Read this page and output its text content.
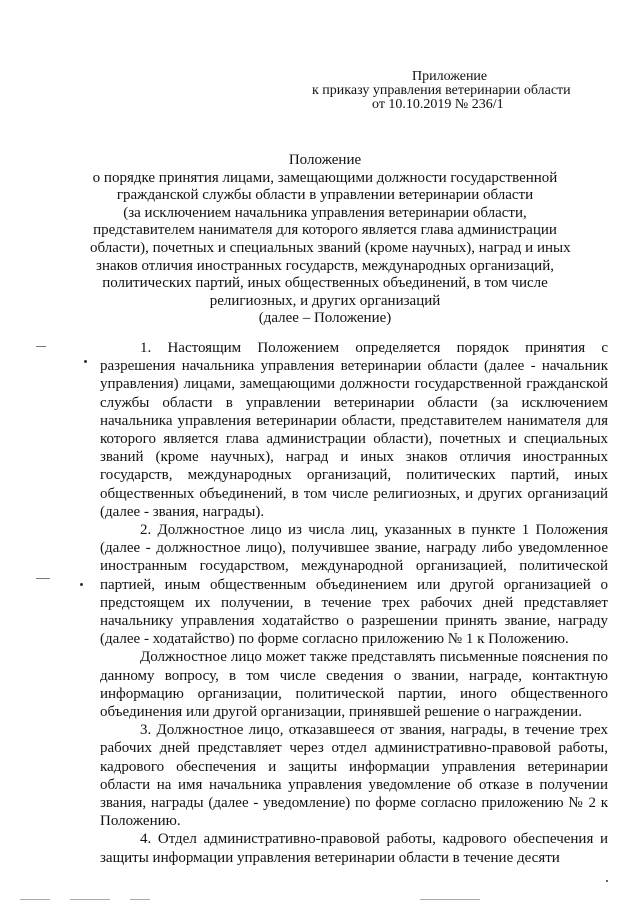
Приложение
к приказу управления ветеринарии области
от 10.10.2019 № 236/1
Положение
о порядке принятия лицами, замещающими должности государственной
гражданской службы области в управлении ветеринарии области
(за исключением начальника управления ветеринарии области,
представителем нанимателя для которого является глава администрации
области), почетных и специальных званий (кроме научных), наград и иных
знаков отличия иностранных государств, международных организаций,
политических партий, иных общественных объединений, в том числе
религиозных, и других организаций
(далее – Положение)

1. Настоящим Положением определяется порядок принятия с разрешения начальника управления ветеринарии области (далее - начальник управления) лицами, замещающими должности государственной гражданской службы области в управлении ветеринарии области (за исключением начальника управления ветеринарии области, представителем нанимателя для которого является глава администрации области), почетных и специальных званий (кроме научных), наград и иных знаков отличия иностранных государств, международных организаций, политических партий, иных общественных объединений, в том числе религиозных, и других организаций (далее - звания, награды).

2. Должностное лицо из числа лиц, указанных в пункте 1 Положения (далее - должностное лицо), получившее звание, награду либо уведомленное иностранным государством, международной организацией, политической партией, иным общественным объединением или другой организацией о предстоящем их получении, в течение трех рабочих дней представляет начальнику управления ходатайство о разрешении принять звание, награду (далее - ходатайство) по форме согласно приложению № 1 к Положению.

Должностное лицо может также представлять письменные пояснения по данному вопросу, в том числе сведения о звании, награде, контактную информацию организации, политической партии, иного общественного объединения или другой организации, принявшей решение о награждении.

3. Должностное лицо, отказавшееся от звания, награды, в течение трех рабочих дней представляет через отдел административно-правовой работы, кадрового обеспечения и защиты информации управления ветеринарии области на имя начальника управления уведомление об отказе в получении звания, награды (далее - уведомление) по форме согласно приложению № 2 к Положению.

4. Отдел административно-правовой работы, кадрового обеспечения и защиты информации управления ветеринарии области в течение десяти
